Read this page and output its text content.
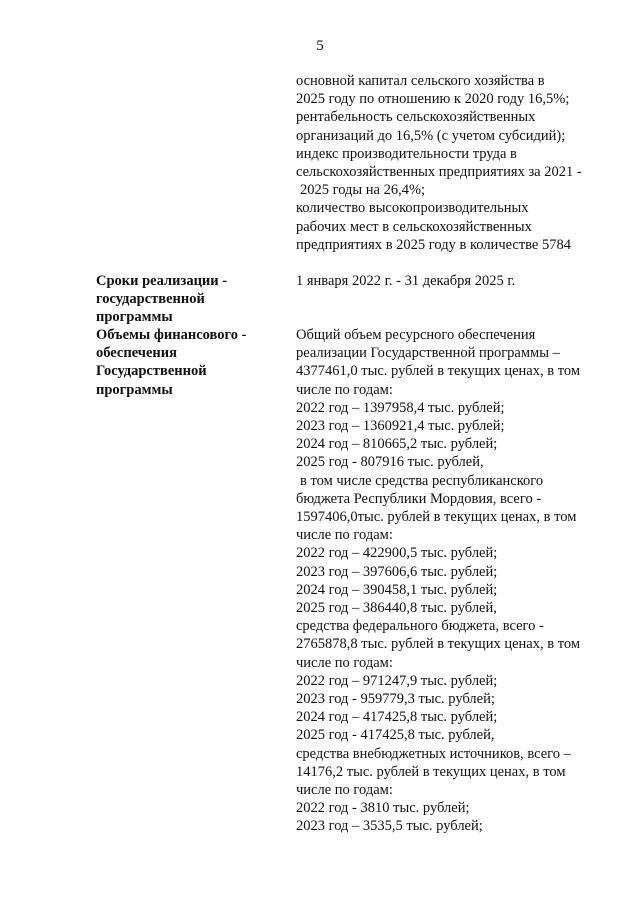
5
основной капитал сельского хозяйства в
2025 году по отношению к 2020 году 16,5%;
рентабельность сельскохозяйственных
организаций до 16,5% (с учетом субсидий);
индекс производительности труда в
сельскохозяйственных предприятиях за 2021 -
2025 годы на 26,4%;
количество высокопроизводительных
рабочих мест в сельскохозяйственных
предприятиях в 2025 году в количестве 5784
Сроки реализации -
государственной
программы
1 января 2022 г. - 31 декабря 2025 г.
Объемы финансового -
обеспечения
Государственной
программы
Общий объем ресурсного обеспечения
реализации Государственной программы –
4377461,0 тыс. рублей в текущих ценах, в том
числе по годам:
2022 год – 1397958,4 тыс. рублей;
2023 год – 1360921,4 тыс. рублей;
2024 год – 810665,2 тыс. рублей;
2025 год - 807916 тыс. рублей,
в том числе средства республиканского
бюджета Республики Мордовия, всего -
1597406,0тыс. рублей в текущих ценах, в том
числе по годам:
2022 год – 422900,5 тыс. рублей;
2023 год – 397606,6 тыс. рублей;
2024 год – 390458,1 тыс. рублей;
2025 год – 386440,8 тыс. рублей,
средства федерального бюджета, всего -
2765878,8 тыс. рублей в текущих ценах, в том
числе по годам:
2022 год – 971247,9 тыс. рублей;
2023 год - 959779,3 тыс. рублей;
2024 год – 417425,8 тыс. рублей;
2025 год - 417425,8 тыс. рублей,
средства внебюджетных источников, всего –
14176,2 тыс. рублей в текущих ценах, в том
числе по годам:
2022 год - 3810 тыс. рублей;
2023 год – 3535,5 тыс. рублей;
